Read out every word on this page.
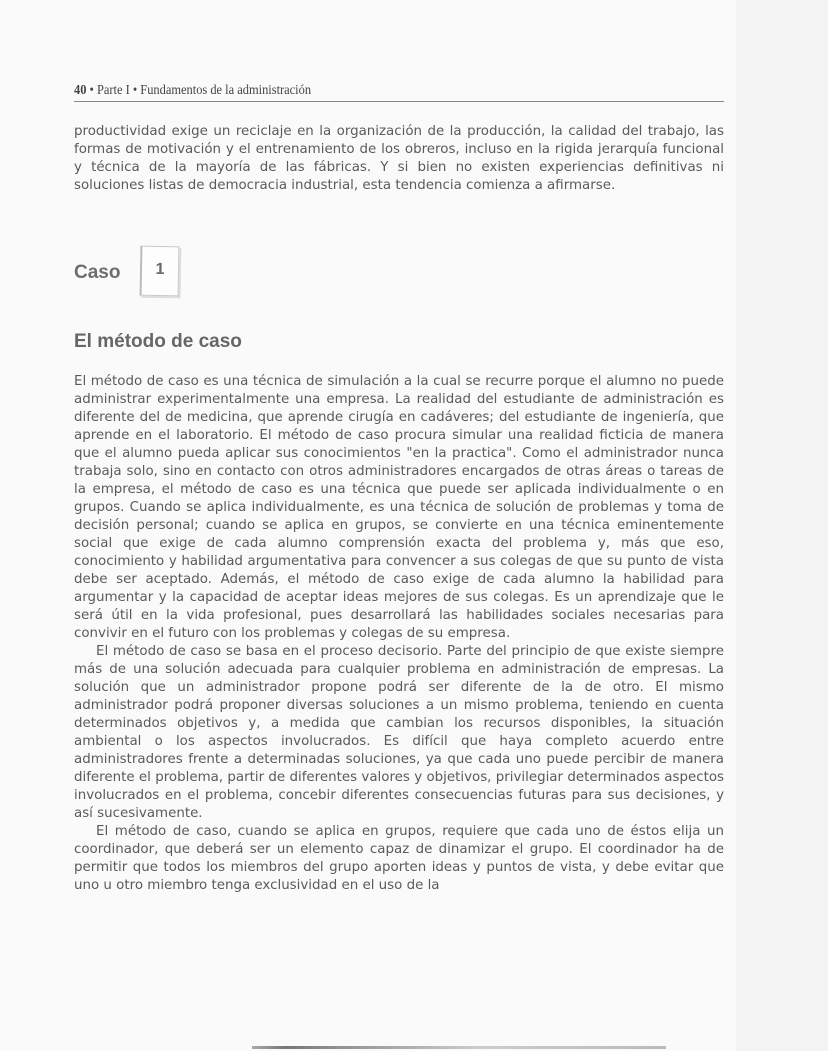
40 • Parte I • Fundamentos de la administración

productividad exige un reciclaje en la organización de la producción, la calidad del trabajo, las formas de motivación y el entrenamiento de los obreros, incluso en la rigida jerarquía funcional y técnica de la mayoría de las fábricas. Y si bien no existen experiencias definitivas ni soluciones listas de democracia industrial, esta tendencia comienza a afirmarse.

Caso	1
El método de caso

El método de caso es una técnica de simulación a la cual se recurre porque el alumno no puede administrar experimentalmente una empresa. La realidad del estudiante de administración es diferente del de medicina, que aprende cirugía en cadáveres; del estudiante de ingeniería, que aprende en el laboratorio. El método de caso procura simular una realidad ficticia de manera que el alumno pueda aplicar sus conocimientos "en la practica". Como el administrador nunca trabaja solo, sino en contacto con otros administradores encargados de otras áreas o tareas de la empresa, el método de caso es una técnica que puede ser aplicada individualmente o en grupos. Cuando se aplica individualmente, es una técnica de solución de problemas y toma de decisión personal; cuando se aplica en grupos, se convierte en una técnica eminentemente social que exige de cada alumno comprensión exacta del problema y, más que eso, conocimiento y habilidad argumentativa para convencer a sus colegas de que su punto de vista debe ser aceptado. Además, el método de caso exige de cada alumno la habilidad para argumentar y la capacidad de aceptar ideas mejores de sus colegas. Es un aprendizaje que le será útil en la vida profesional, pues desarrollará las habilidades sociales necesarias para convivir en el futuro con los problemas y colegas de su empresa.

El método de caso se basa en el proceso decisorio. Parte del principio de que existe siempre más de una solución adecuada para cualquier problema en administración de empresas. La solución que un administrador propone podrá ser diferente de la de otro. El mismo administrador podrá proponer diversas soluciones a un mismo problema, teniendo en cuenta determinados objetivos y, a medida que cambian los recursos disponibles, la situación ambiental o los aspectos involucrados. Es difícil que haya completo acuerdo entre administradores frente a determinadas soluciones, ya que cada uno puede percibir de manera diferente el problema, partir de diferentes valores y objetivos, privilegiar determinados aspectos involucrados en el problema, concebir diferentes consecuencias futuras para sus decisiones, y así sucesivamente.

El método de caso, cuando se aplica en grupos, requiere que cada uno de éstos elija un coordinador, que deberá ser un elemento capaz de dinamizar el grupo. El coordinador ha de permitir que todos los miembros del grupo aporten ideas y puntos de vista, y debe evitar que uno u otro miembro tenga exclusividad en el uso de la
